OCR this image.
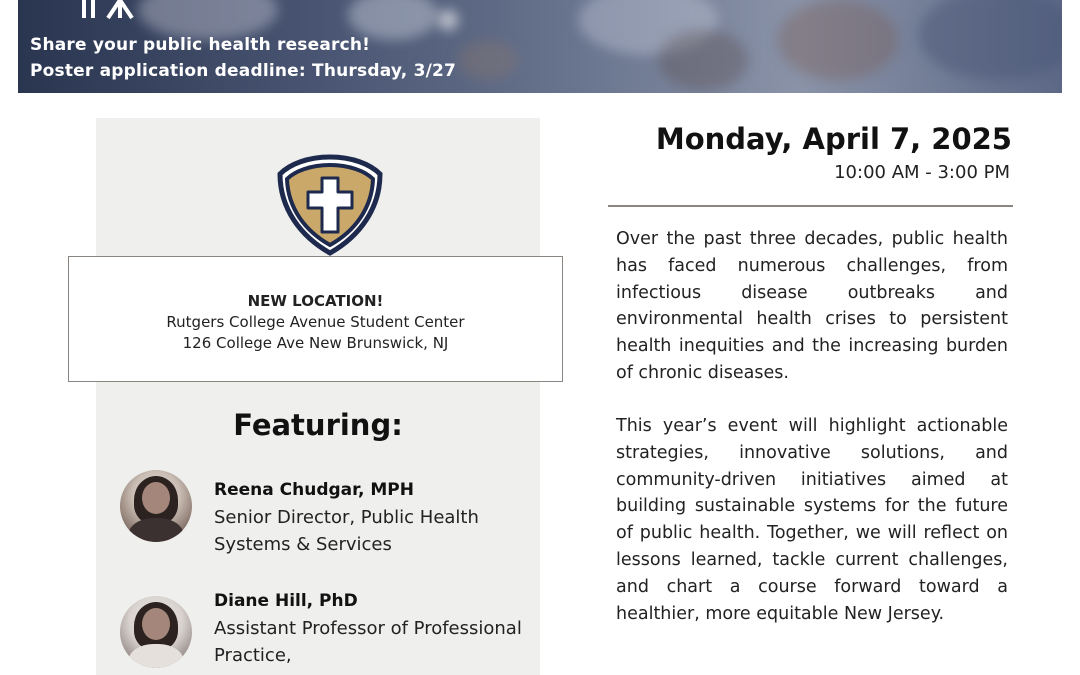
Share your public health research!
Poster application deadline: Thursday, 3/27
NEW LOCATION!
Rutgers College Avenue Student Center
126 College Ave New Brunswick, NJ
Featuring:
Reena Chudgar, MPH
Senior Director, Public Health Systems & Services
Diane Hill, PhD
Assistant Professor of Professional Practice,
Monday, April 7, 2025
10:00 AM - 3:00 PM

Over the past three decades, public health has faced numerous challenges, from infectious disease outbreaks and environmental health crises to persistent health inequities and the increasing burden of chronic diseases.

This year’s event will highlight actionable strategies, innovative solutions, and community-driven initiatives aimed at building sustainable systems for the future of public health. Together, we will reflect on lessons learned, tackle current challenges, and chart a course forward toward a healthier, more equitable New Jersey.
